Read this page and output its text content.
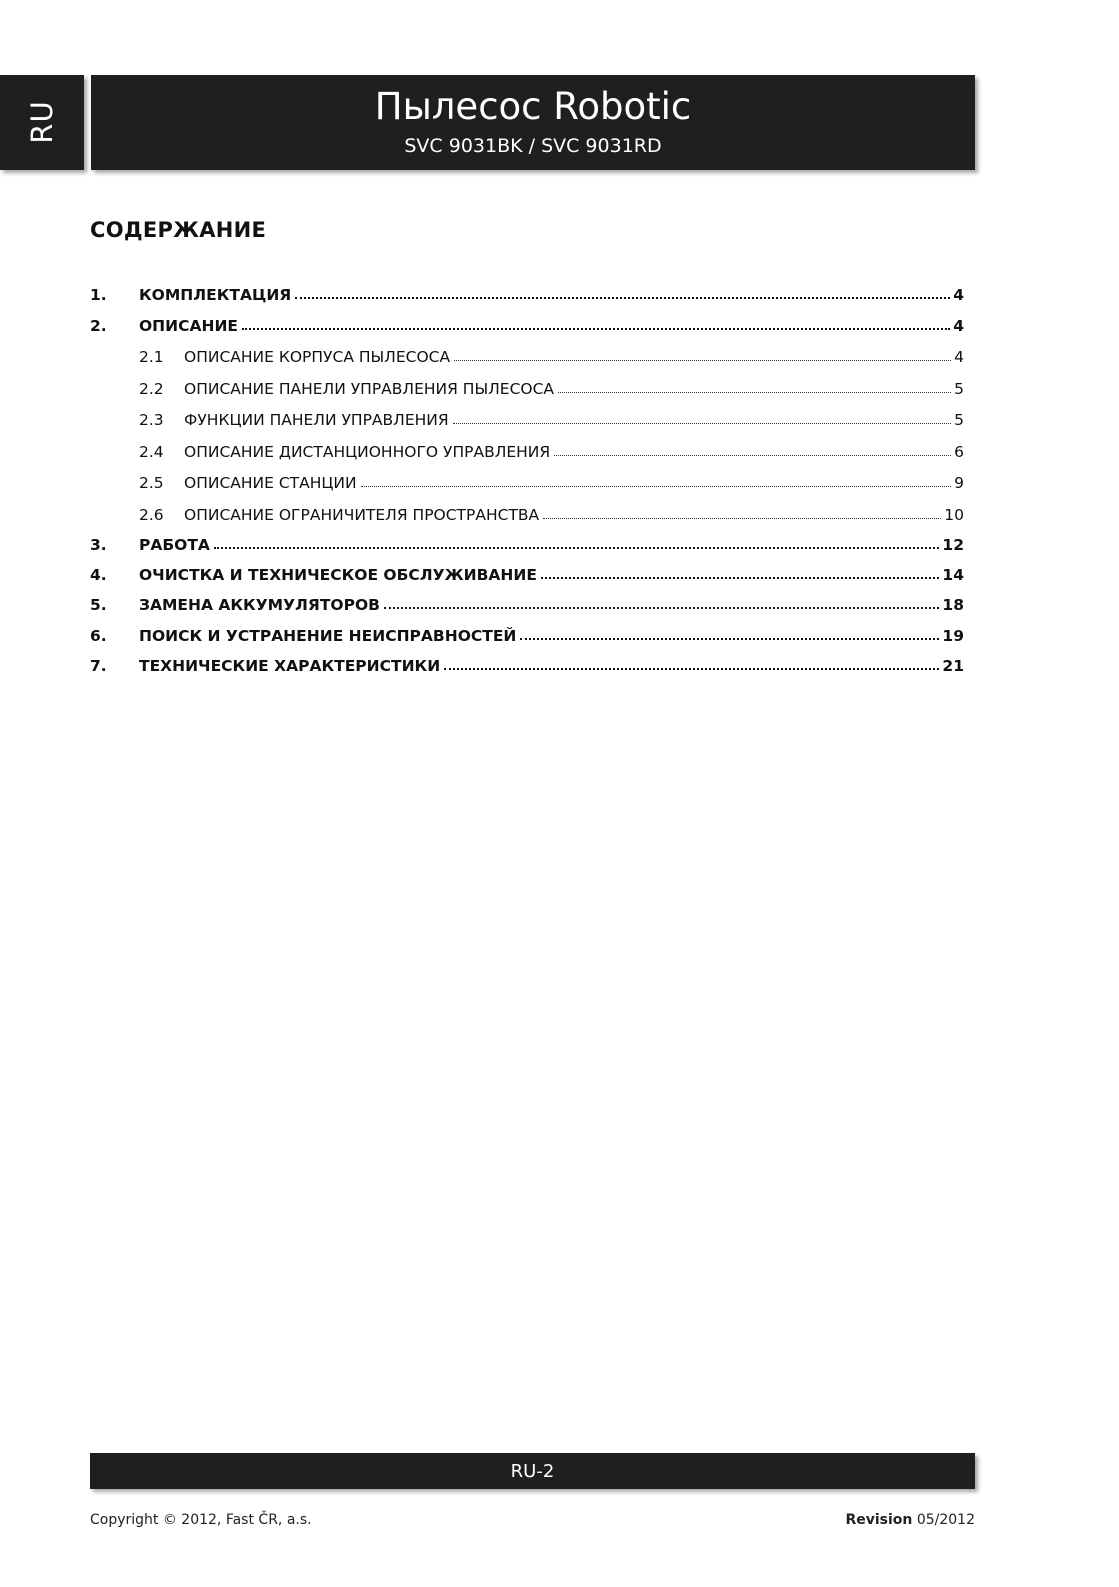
RU	Пылесос Robotic
SVC 9031BK / SVC 9031RD
СОДЕРЖАНИЕ
1.	КОМПЛЕКТАЦИЯ	4
2.	ОПИСАНИЕ	4
2.1	ОПИСАНИЕ КОРПУСА ПЫЛЕСОСА	4
2.2	ОПИСАНИЕ ПАНЕЛИ УПРАВЛЕНИЯ ПЫЛЕСОСА	5
2.3	ФУНКЦИИ ПАНЕЛИ УПРАВЛЕНИЯ	5
2.4	ОПИСАНИЕ ДИСТАНЦИОННОГО УПРАВЛЕНИЯ	6
2.5	ОПИСАНИЕ СТАНЦИИ	9
2.6	ОПИСАНИЕ ОГРАНИЧИТЕЛЯ ПРОСТРАНСТВА	10
3.	РАБОТА	12
4.	ОЧИСТКА И ТЕХНИЧЕСКОЕ ОБСЛУЖИВАНИЕ	14
5.	ЗАМЕНА АККУМУЛЯТОРОВ	18
6.	ПОИСК И УСТРАНЕНИЕ НЕИСПРАВНОСТЕЙ	19
7.	ТЕХНИЧЕСКИЕ ХАРАКТЕРИСТИКИ	21
RU-2
Copyright © 2012, Fast ČR, a.s.	Revision 05/2012
